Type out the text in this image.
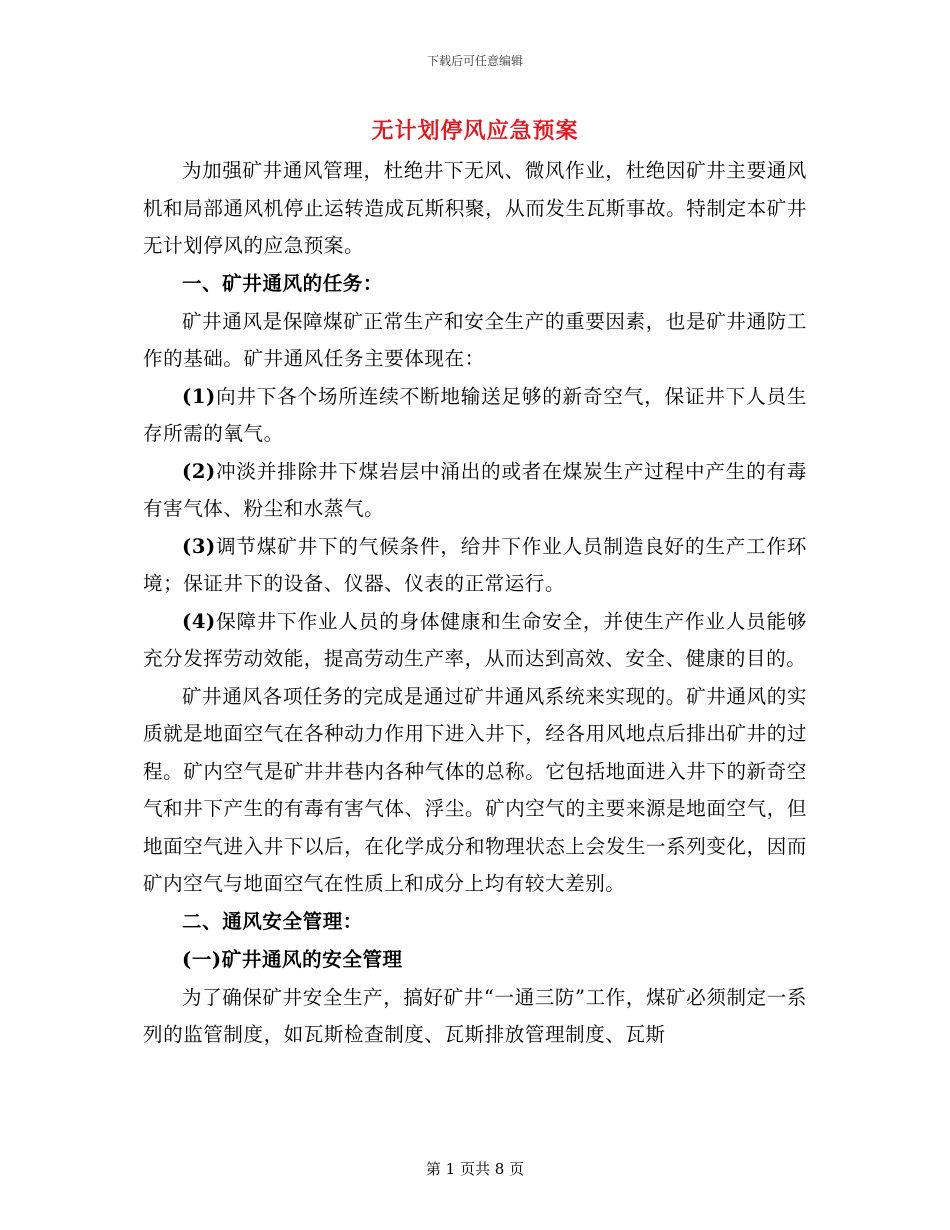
下载后可任意编辑
无计划停风应急预案

为加强矿井通风管理，杜绝井下无风、微风作业，杜绝因矿井主要通风机和局部通风机停止运转造成瓦斯积聚，从而发生瓦斯事故。特制定本矿井无计划停风的应急预案。

一、矿井通风的任务：

矿井通风是保障煤矿正常生产和安全生产的重要因素，也是矿井通防工作的基础。矿井通风任务主要体现在：

(1)向井下各个场所连续不断地输送足够的新奇空气，保证井下人员生存所需的氧气。

(2)冲淡并排除井下煤岩层中涌出的或者在煤炭生产过程中产生的有毒有害气体、粉尘和水蒸气。

(3)调节煤矿井下的气候条件，给井下作业人员制造良好的生产工作环境；保证井下的设备、仪器、仪表的正常运行。

(4)保障井下作业人员的身体健康和生命安全，并使生产作业人员能够充分发挥劳动效能，提高劳动生产率，从而达到高效、安全、健康的目的。

矿井通风各项任务的完成是通过矿井通风系统来实现的。矿井通风的实质就是地面空气在各种动力作用下进入井下，经各用风地点后排出矿井的过程。矿内空气是矿井井巷内各种气体的总称。它包括地面进入井下的新奇空气和井下产生的有毒有害气体、浮尘。矿内空气的主要来源是地面空气，但地面空气进入井下以后，在化学成分和物理状态上会发生一系列变化，因而矿内空气与地面空气在性质上和成分上均有较大差别。

二、通风安全管理：

(一)矿井通风的安全管理

为了确保矿井安全生产，搞好矿井“一通三防”工作，煤矿必须制定一系列的监管制度，如瓦斯检查制度、瓦斯排放管理制度、瓦斯

第 1 页共 8 页
